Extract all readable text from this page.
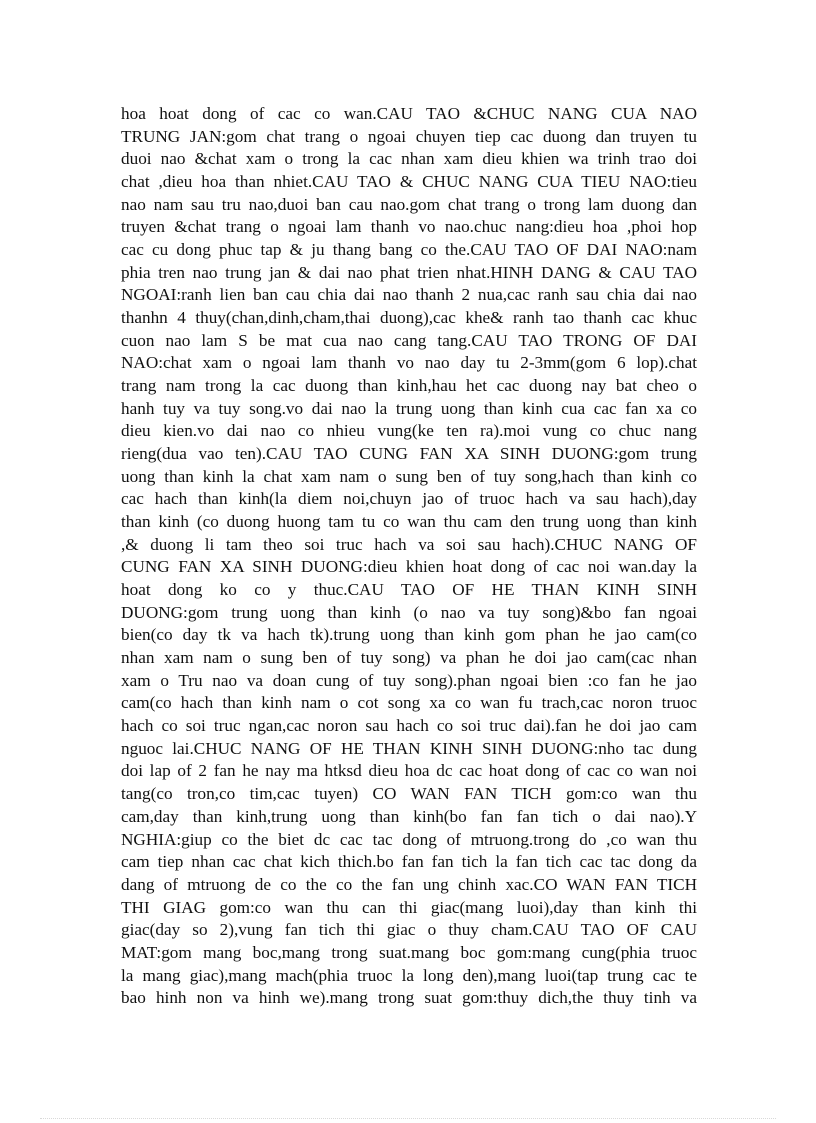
hoa hoat dong of cac co wan.CAU TAO &CHUC NANG CUA NAO
TRUNG JAN:gom chat trang o ngoai chuyen tiep cac duong dan truyen tu
duoi nao &chat xam o trong la cac nhan xam dieu khien wa trinh trao doi
chat ,dieu hoa than nhiet.CAU TAO & CHUC NANG CUA TIEU NAO:tieu
nao nam sau tru nao,duoi ban cau nao.gom chat trang o trong lam duong dan
truyen &chat trang o ngoai lam thanh vo nao.chuc nang:dieu hoa ,phoi hop
cac cu dong phuc tap & ju thang bang co the.CAU TAO OF DAI NAO:nam
phia tren nao trung jan & dai nao phat trien nhat.HINH DANG & CAU TAO
NGOAI:ranh lien ban cau chia dai nao thanh 2 nua,cac ranh sau chia dai nao
thanhn 4 thuy(chan,dinh,cham,thai duong),cac khe& ranh tao thanh cac khuc
cuon nao lam S be mat cua nao cang tang.CAU TAO TRONG OF DAI
NAO:chat xam o ngoai lam thanh vo nao day tu 2-3mm(gom 6 lop).chat
trang nam trong la cac duong than kinh,hau het cac duong nay bat cheo o
hanh tuy va tuy song.vo dai nao la trung uong than kinh cua cac fan xa co
dieu kien.vo dai nao co nhieu vung(ke ten ra).moi vung co chuc nang
rieng(dua vao ten).CAU TAO CUNG FAN XA SINH DUONG:gom trung
uong than kinh la chat xam nam o sung ben of tuy song,hach than kinh co
cac hach than kinh(la diem noi,chuyn jao of truoc hach va sau hach),day
than kinh (co duong huong tam tu co wan thu cam den trung uong than kinh
,& duong li tam theo soi truc hach va soi sau hach).CHUC NANG OF
CUNG FAN XA SINH DUONG:dieu khien hoat dong of cac noi wan.day la
hoat dong ko co y thuc.CAU TAO OF HE THAN KINH SINH
DUONG:gom trung uong than kinh (o nao va tuy song)&bo fan ngoai
bien(co day tk va hach tk).trung uong than kinh gom phan he jao cam(co
nhan xam nam o sung ben of tuy song) va phan he doi jao cam(cac nhan
xam o Tru nao va doan cung of tuy song).phan ngoai bien :co fan he jao
cam(co hach than kinh nam o cot song xa co wan fu trach,cac noron truoc
hach co soi truc ngan,cac noron sau hach co soi truc dai).fan he doi jao cam
nguoc lai.CHUC NANG OF HE THAN KINH SINH DUONG:nho tac dung
doi lap of 2 fan he nay ma htksd dieu hoa dc cac hoat dong of cac co wan noi
tang(co tron,co tim,cac tuyen) CO WAN FAN TICH gom:co wan thu
cam,day than kinh,trung uong than kinh(bo fan fan tich o dai nao).Y
NGHIA:giup co the biet dc cac tac dong of mtruong.trong do ,co wan thu
cam tiep nhan cac chat kich thich.bo fan fan tich la fan tich cac tac dong da
dang of mtruong de co the co the fan ung chinh xac.CO WAN FAN TICH
THI GIAG gom:co wan thu can thi giac(mang luoi),day than kinh thi
giac(day so 2),vung fan tich thi giac o thuy cham.CAU TAO OF CAU
MAT:gom mang boc,mang trong suat.mang boc gom:mang cung(phia truoc
la mang giac),mang mach(phia truoc la long den),mang luoi(tap trung cac te
bao hinh non va hinh we).mang trong suat gom:thuy dich,the thuy tinh va
